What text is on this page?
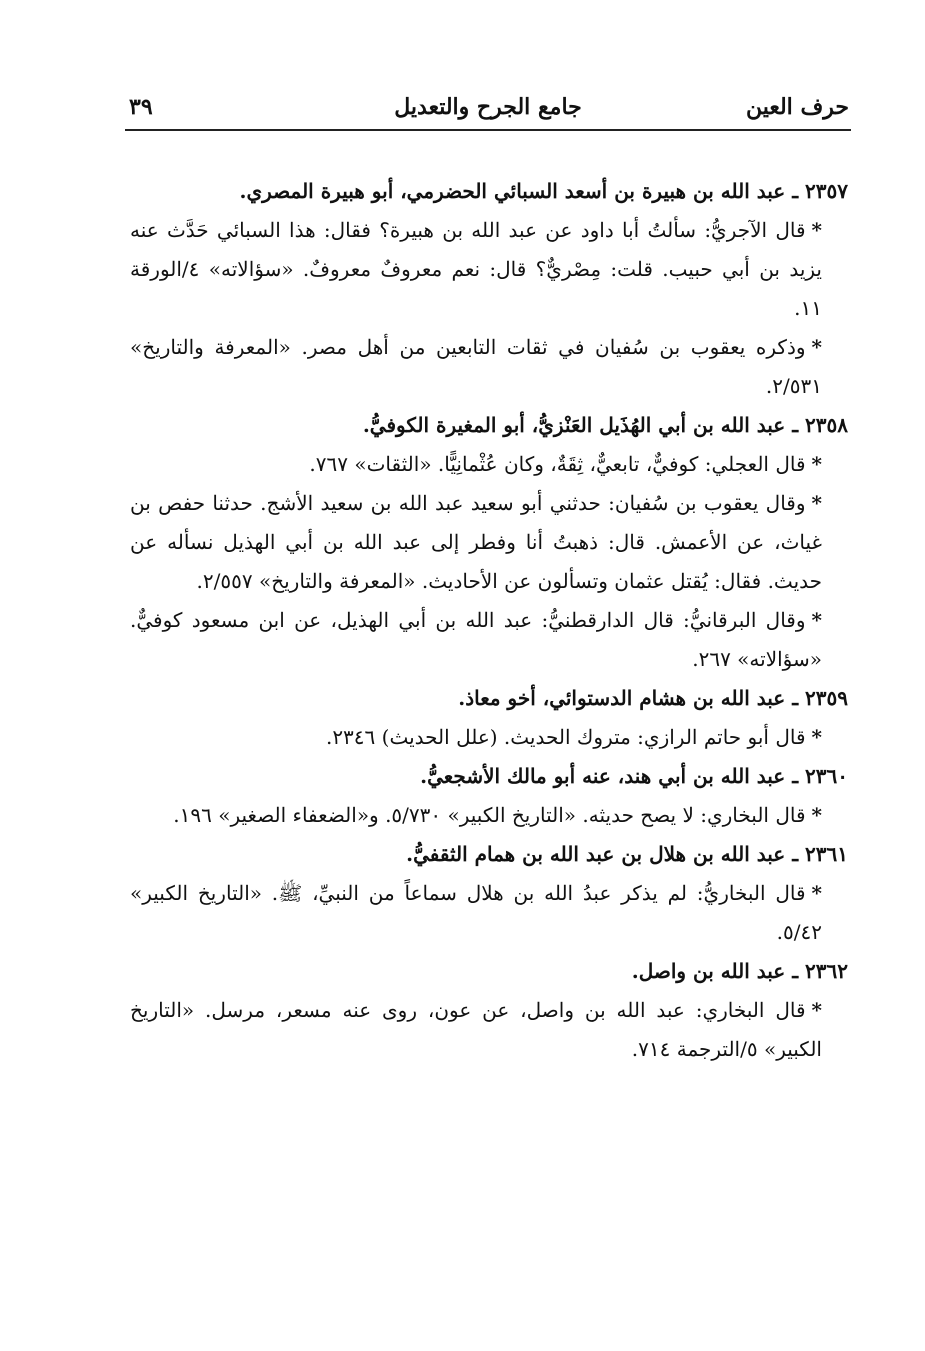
حرف العين
جامع الجرح والتعديل
٣٩

٢٣٥٧ ـ عبد الله بن هبيرة بن أسعد السبائي الحضرمي، أبو هبيرة المصري.

*قال الآجريُّ: سألتُ أبا داود عن عبد الله بن هبيرة؟ فقال: هذا السبائي حَدَّث عنه يزيد بن أبي حبيب. قلت: مِصْريٌّ؟ قال: نعم معروفٌ معروفٌ. «سؤالاته» ٤/الورقة ١١.

*وذكره يعقوب بن سُفيان في ثقات التابعين من أهل مصر. «المعرفة والتاريخ» ٢/٥٣١.

٢٣٥٨ ـ عبد الله بن أبي الهُذَيل العَنْزيُّ، أبو المغيرة الكوفيُّ.

*قال العجلي: كوفيٌّ، تابعيٌّ، ثِقَةٌ، وكان عُثْمانِيًّا. «الثقات» ٧٦٧.

*وقال يعقوب بن سُفيان: حدثني أبو سعيد عبد الله بن سعيد الأشج. حدثنا حفص بن غياث، عن الأعمش. قال: ذهبتُ أنا وفطر إلى عبد الله بن أبي الهذيل نسأله عن حديث. فقال: يُقتل عثمان وتسألون عن الأحاديث. «المعرفة والتاريخ» ٢/٥٥٧.

*وقال البرقانيُّ: قال الدارقطنيُّ: عبد الله بن أبي الهذيل، عن ابن مسعود كوفيٌّ. «سؤالاته» ٢٦٧.

٢٣٥٩ ـ عبد الله بن هشام الدستوائي، أخو معاذ.

*قال أبو حاتم الرازي: متروك الحديث. (علل الحديث) ٢٣٤٦.

٢٣٦٠ ـ عبد الله بن أبي هند، عنه أبو مالك الأشجعيُّ.

*قال البخاري: لا يصح حديثه. «التاريخ الكبير» ٥/٧٣٠. و«الضعفاء الصغير» ١٩٦.

٢٣٦١ ـ عبد الله بن هلال بن عبد الله بن همام الثقفيُّ.

*قال البخاريُّ: لم يذكر عبدُ الله بن هلال سماعاً من النبيِّ، ﷺ. «التاريخ الكبير» ٥/٤٢.

٢٣٦٢ ـ عبد الله بن واصل.

*قال البخاري: عبد الله بن واصل، عن عون، روى عنه مسعر، مرسل. «التاريخ الكبير» ٥/الترجمة ٧١٤.
